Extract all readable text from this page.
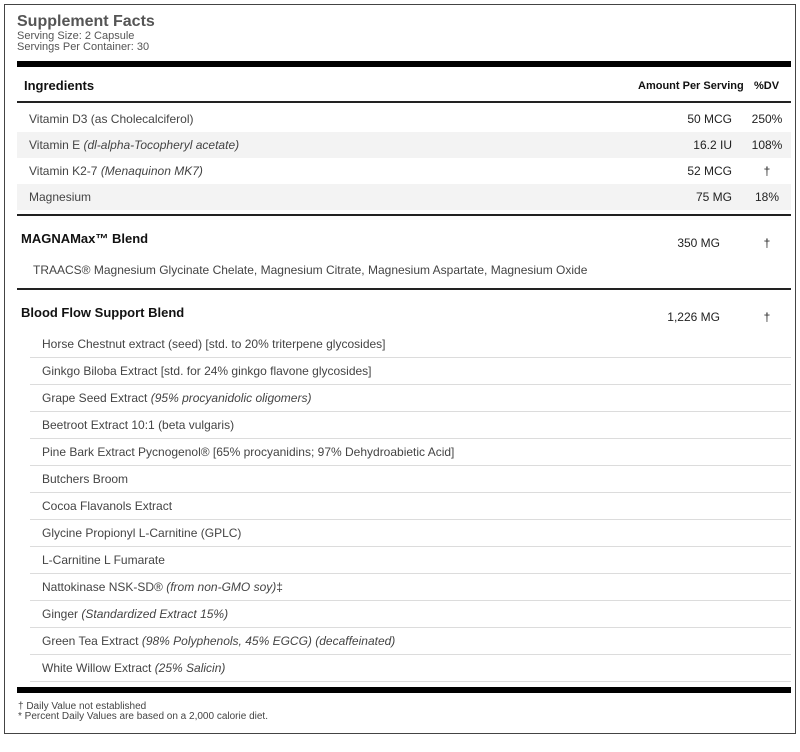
Supplement Facts
Serving Size: 2 Capsule
Servings Per Container: 30
Ingredients	Amount Per Serving %DV
Vitamin D3 (as Cholecalciferol)	50 MCG	250%
Vitamin E (dl-alpha-Tocopheryl acetate)	16.2 IU	108%
Vitamin K2-7 (Menaquinon MK7)	52 MCG	†
Magnesium	75 MG	18%
MAGNAMax™ Blend	350 MG	†
TRAACS® Magnesium Glycinate Chelate, Magnesium Citrate, Magnesium Aspartate, Magnesium Oxide
Blood Flow Support Blend	1,226 MG	†
Horse Chestnut extract (seed) [std. to 20% triterpene glycosides]
Ginkgo Biloba Extract [std. for 24% ginkgo flavone glycosides]
Grape Seed Extract (95% procyanidolic oligomers)
Beetroot Extract 10:1 (beta vulgaris)
Pine Bark Extract Pycnogenol® [65% procyanidins; 97% Dehydroabietic Acid]
Butchers Broom
Cocoa Flavanols Extract
Glycine Propionyl L-Carnitine (GPLC)
L-Carnitine L Fumarate
Nattokinase NSK-SD® (from non-GMO soy)‡
Ginger (Standardized Extract 15%)
Green Tea Extract (98% Polyphenols, 45% EGCG) (decaffeinated)
White Willow Extract (25% Salicin)
† Daily Value not established
* Percent Daily Values are based on a 2,000 calorie diet.
